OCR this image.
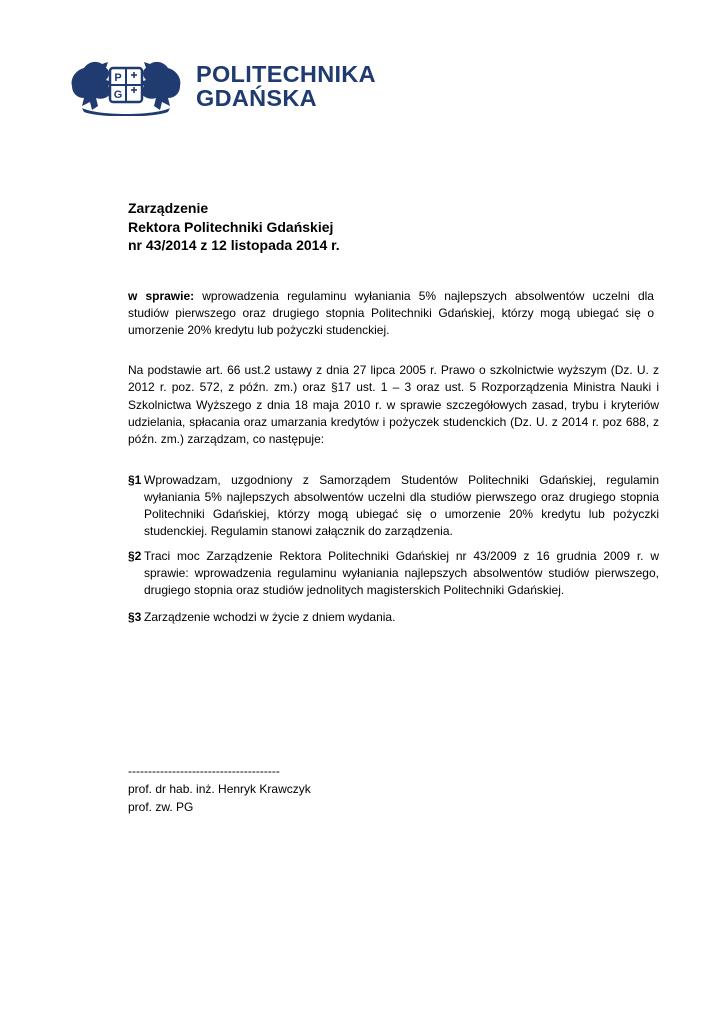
P
G
POLITECHNIKA
GDAŃSKA
Zarządzenie
Rektora Politechniki Gdańskiej
nr 43/2014 z 12 listopada 2014 r.
w sprawie: wprowadzenia regulaminu wyłaniania 5% najlepszych absolwentów uczelni dla studiów pierwszego oraz drugiego stopnia Politechniki Gdańskiej, którzy mogą ubiegać się o umorzenie 20% kredytu lub pożyczki studenckiej.
Na podstawie art. 66 ust.2 ustawy z dnia 27 lipca 2005 r. Prawo o szkolnictwie wyższym (Dz. U. z 2012 r. poz. 572, z późn. zm.) oraz §17 ust. 1 – 3 oraz ust. 5 Rozporządzenia Ministra Nauki i Szkolnictwa Wyższego z dnia 18 maja 2010 r. w sprawie szczegółowych zasad, trybu i kryteriów udzielania, spłacania oraz umarzania kredytów i pożyczek studenckich (Dz. U. z 2014 r. poz 688, z późn. zm.) zarządzam, co następuje:
§1 Wprowadzam, uzgodniony z Samorządem Studentów Politechniki Gdańskiej, regulamin wyłaniania 5% najlepszych absolwentów uczelni dla studiów pierwszego oraz drugiego stopnia Politechniki Gdańskiej, którzy mogą ubiegać się o umorzenie 20% kredytu lub pożyczki studenckiej. Regulamin stanowi załącznik do zarządzenia.
§2 Traci moc Zarządzenie Rektora Politechniki Gdańskiej nr 43/2009 z 16 grudnia 2009 r. w sprawie: wprowadzenia regulaminu wyłaniania najlepszych absolwentów studiów pierwszego, drugiego stopnia oraz studiów jednolitych magisterskich Politechniki Gdańskiej.
§3 Zarządzenie wchodzi w życie z dniem wydania.
--------------------------------------
prof. dr hab. inż. Henryk Krawczyk
prof. zw. PG
